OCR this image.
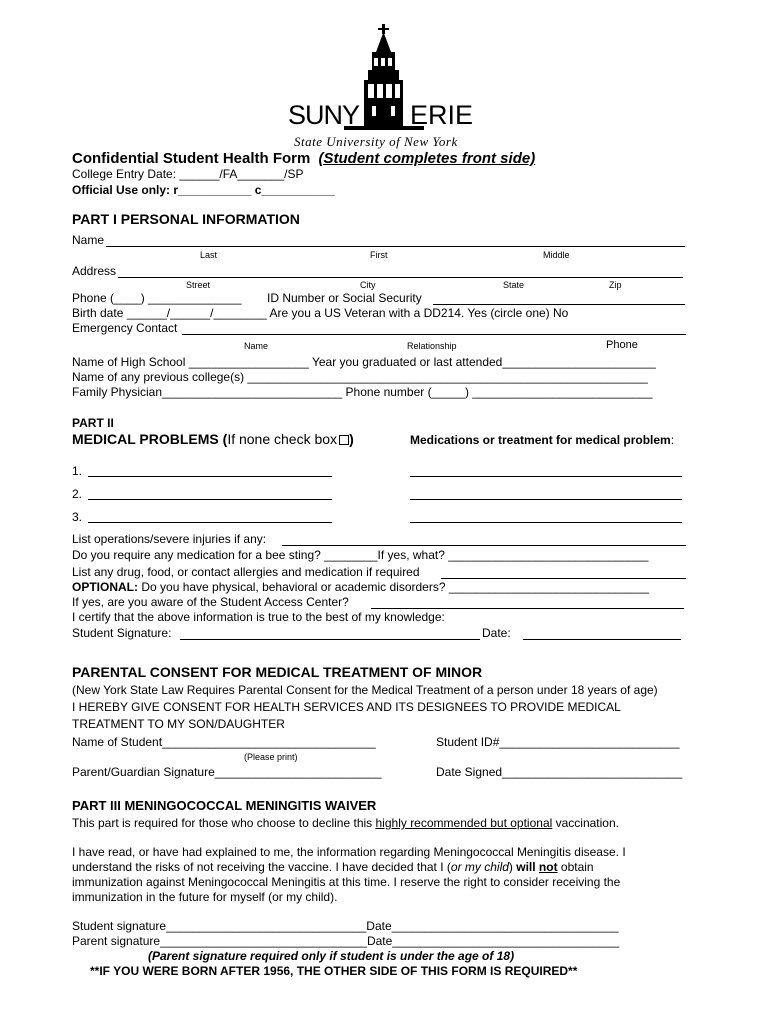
SUNY ERIE
State University of New York
Confidential Student Health Form (Student completes front side)
College Entry Date: ______/FA_______/SP
Official Use only: r___________ c___________
PART I PERSONAL INFORMATION
Name
Last	First	Middle
Address
Street	City	State	Zip
Phone (____) ______________ ID Number or Social Security
Birth date ______/______/________ Are you a US Veteran with a DD214. Yes (circle one) No
Emergency Contact
Name	Relationship	Phone
Name of High School __________________ Year you graduated or last attended_______________________
Name of any previous college(s) ____________________________________________________________
Family Physician___________________________ Phone number (_____) ___________________________
PART II
MEDICAL PROBLEMS (If none check box )	Medications or treatment for medical problem:
1.
2.
3.
List operations/severe injuries if any:
Do you require any medication for a bee sting? ________If yes, what? ______________________________
List any drug, food, or contact allergies and medication if required
OPTIONAL: Do you have physical, behavioral or academic disorders? ______________________________
If yes, are you aware of the Student Access Center?
I certify that the above information is true to the best of my knowledge:
Student Signature:	Date:
PARENTAL CONSENT FOR MEDICAL TREATMENT OF MINOR
(New York State Law Requires Parental Consent for the Medical Treatment of a person under 18 years of age)
I HEREBY GIVE CONSENT FOR HEALTH SERVICES AND ITS DESIGNEES TO PROVIDE MEDICAL
TREATMENT TO MY SON/DAUGHTER
Name of Student________________________________	Student ID#___________________________
(Please print)
Parent/Guardian Signature_________________________	Date Signed___________________________
PART III MENINGOCOCCAL MENINGITIS WAIVER
This part is required for those who choose to decline this highly recommended but optional vaccination.
I have read, or have had explained to me, the information regarding Meningococcal Meningitis disease. I
understand the risks of not receiving the vaccine. I have decided that I (or my child) will not obtain
immunization against Meningococcal Meningitis at this time. I reserve the right to consider receiving the
immunization in the future for myself (or my child).
Student signature______________________________Date__________________________________
Parent signature_______________________________Date__________________________________
(Parent signature required only if student is under the age of 18)
**IF YOU WERE BORN AFTER 1956, THE OTHER SIDE OF THIS FORM IS REQUIRED**
